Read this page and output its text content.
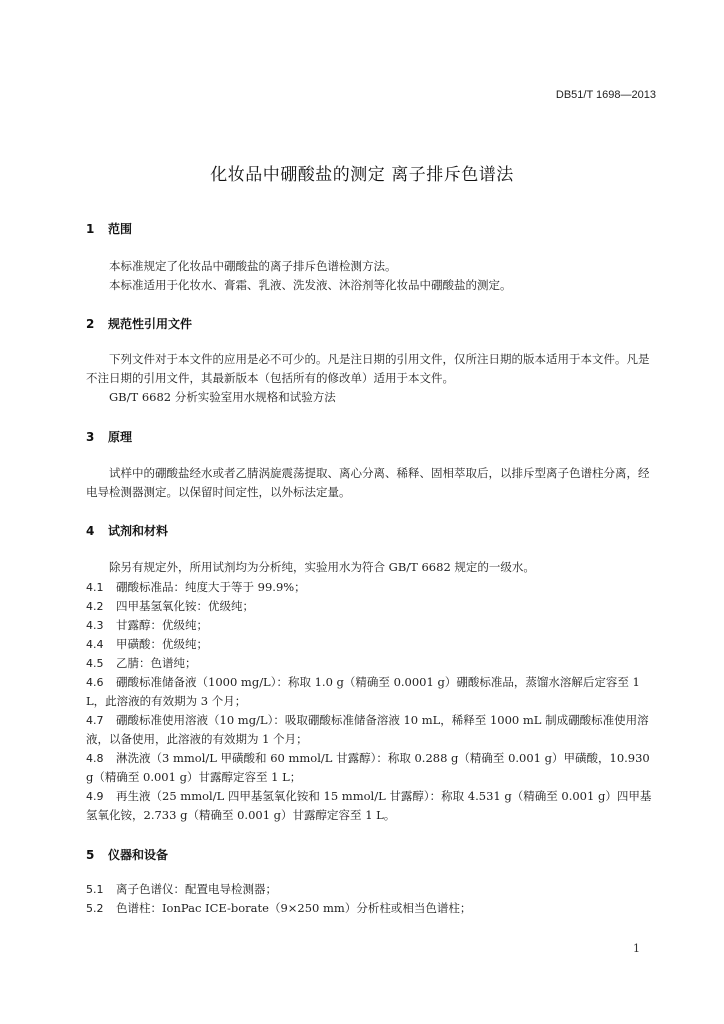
DB51/T 1698—2013
化妆品中硼酸盐的测定 离子排斥色谱法
1 范围
本标准规定了化妆品中硼酸盐的离子排斥色谱检测方法。
本标准适用于化妆水、膏霜、乳液、洗发液、沐浴剂等化妆品中硼酸盐的测定。
2 规范性引用文件
下列文件对于本文件的应用是必不可少的。凡是注日期的引用文件，仅所注日期的版本适用于本文件。凡是不注日期的引用文件，其最新版本（包括所有的修改单）适用于本文件。
GB/T 6682 分析实验室用水规格和试验方法
3 原理
试样中的硼酸盐经水或者乙腈涡旋震荡提取、离心分离、稀释、固相萃取后，以排斥型离子色谱柱分离，经电导检测器测定。以保留时间定性，以外标法定量。
4 试剂和材料
除另有规定外，所用试剂均为分析纯，实验用水为符合 GB/T 6682 规定的一级水。
4.1 硼酸标准品：纯度大于等于 99.9%；
4.2 四甲基氢氧化铵：优级纯；
4.3 甘露醇：优级纯；
4.4 甲磺酸：优级纯；
4.5 乙腈：色谱纯；
4.6 硼酸标准储备液（1000 mg/L）：称取 1.0 g（精确至 0.0001 g）硼酸标准品，蒸馏水溶解后定容至 1 L，此溶液的有效期为 3 个月；
4.7 硼酸标准使用溶液（10 mg/L）：吸取硼酸标准储备溶液 10 mL，稀释至 1000 mL 制成硼酸标准使用溶液，以备使用，此溶液的有效期为 1 个月；
4.8 淋洗液（3 mmol/L 甲磺酸和 60 mmol/L 甘露醇）：称取 0.288 g（精确至 0.001 g）甲磺酸，10.930 g（精确至 0.001 g）甘露醇定容至 1 L；
4.9 再生液（25 mmol/L 四甲基氢氧化铵和 15 mmol/L 甘露醇）：称取 4.531 g（精确至 0.001 g）四甲基氢氧化铵，2.733 g（精确至 0.001 g）甘露醇定容至 1 L。
5 仪器和设备
5.1 离子色谱仪：配置电导检测器；
5.2 色谱柱：IonPac ICE-borate（9×250 mm）分析柱或相当色谱柱；
1
